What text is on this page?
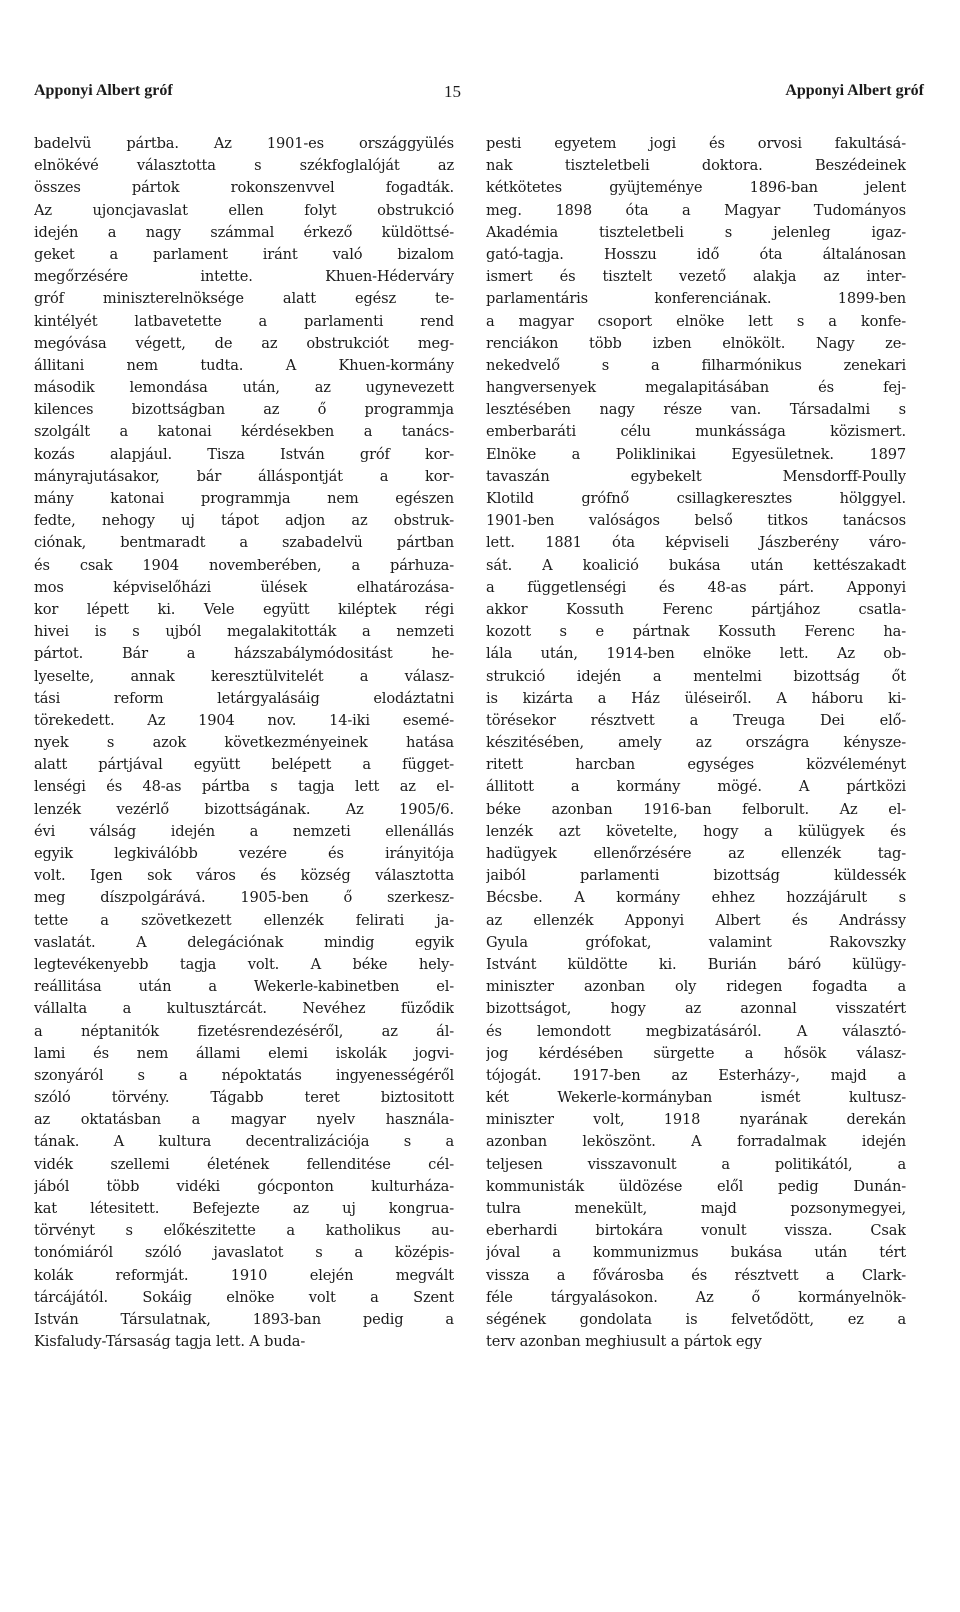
Apponyi Albert gróf	15	Apponyi Albert gróf
badelvü pártba. Az 1901-es országgyülés
elnökévé választotta s székfoglalóját az
összes pártok rokonszenvvel fogadták.
Az ujoncjavaslat ellen folyt obstrukció
idején a nagy számmal érkező küldöttsé-
geket a parlament iránt való bizalom
megőrzésére intette. Khuen-Héderváry
gróf miniszterelnöksége alatt egész te-
kintélyét latbavetette a parlamenti rend
megóvása végett, de az obstrukciót meg-
állitani nem tudta. A Khuen-kormány
második lemondása után, az ugynevezett
kilences bizottságban az ő programmja
szolgált a katonai kérdésekben a tanács-
kozás alapjául. Tisza István gróf kor-
mányrajutásakor, bár álláspontját a kor-
mány katonai programmja nem egészen
fedte, nehogy uj tápot adjon az obstruk-
ciónak, bentmaradt a szabadelvü pártban
és csak 1904 novemberében, a párhuza-
mos képviselőházi ülések elhatározása-
kor lépett ki. Vele együtt kiléptek régi
hivei is s ujból megalakitották a nemzeti
pártot. Bár a házszabálymódositást he-
lyeselte, annak keresztülvitelét a válasz-
tási reform letárgyalásáig elodáztatni
törekedett. Az 1904 nov. 14-iki esemé-
nyek s azok következményeinek hatása
alatt pártjával együtt belépett a függet-
lenségi és 48-as pártba s tagja lett az el-
lenzék vezérlő bizottságának. Az 1905/6.
évi válság idején a nemzeti ellenállás
egyik legkiválóbb vezére és irányitója
volt. Igen sok város és község választotta
meg díszpolgárává. 1905-ben ő szerkesz-
tette a szövetkezett ellenzék felirati ja-
vaslatát. A delegációnak mindig egyik
legtevékenyebb tagja volt. A béke hely-
reállitása után a Wekerle-kabinetben el-
vállalta a kultusztárcát. Nevéhez füződik
a néptanitók fizetésrendezéséről, az ál-
lami és nem állami elemi iskolák jogvi-
szonyáról s a népoktatás ingyenességéről
szóló törvény. Tágabb teret biztositott
az oktatásban a magyar nyelv használa-
tának. A kultura decentralizációja s a
vidék szellemi életének fellenditése cél-
jából több vidéki gócponton kulturháza-
kat létesitett. Befejezte az uj kongrua-
törvényt s előkészitette a katholikus au-
tonómiáról szóló javaslatot s a középis-
kolák reformját. 1910 elején megvált
tárcájától. Sokáig elnöke volt a Szent
István Társulatnak, 1893-ban pedig a
Kisfaludy-Társaság tagja lett. A buda-
pesti egyetem jogi és orvosi fakultásá-
nak tiszteletbeli doktora. Beszédeinek
kétkötetes gyüjteménye 1896-ban jelent
meg. 1898 óta a Magyar Tudományos
Akadémia tiszteletbeli s jelenleg igaz-
gató-tagja. Hosszu idő óta általánosan
ismert és tisztelt vezető alakja az inter-
parlamentáris konferenciának. 1899-ben
a magyar csoport elnöke lett s a konfe-
renciákon több izben elnökölt. Nagy ze-
nekedvelő s a filharmónikus zenekari
hangversenyek megalapitásában és fej-
lesztésében nagy része van. Társadalmi s
emberbaráti célu munkássága közismert.
Elnöke a Poliklinikai Egyesületnek. 1897
tavaszán egybekelt Mensdorff-Poully
Klotild grófnő csillagkeresztes hölggyel.
1901-ben valóságos belső titkos tanácsos
lett. 1881 óta képviseli Jászberény váro-
sát. A koalició bukása után kettészakadt
a függetlenségi és 48-as párt. Apponyi
akkor Kossuth Ferenc pártjához csatla-
kozott s e pártnak Kossuth Ferenc ha-
lála után, 1914-ben elnöke lett. Az ob-
strukció idején a mentelmi bizottság őt
is kizárta a Ház üléseiről. A háboru ki-
törésekor résztvett a Treuga Dei elő-
készitésében, amely az országra kénysze-
ritett harcban egységes közvéleményt
állitott a kormány mögé. A pártközi
béke azonban 1916-ban felborult. Az el-
lenzék azt követelte, hogy a külügyek és
hadügyek ellenőrzésére az ellenzék tag-
jaiból parlamenti bizottság küldessék
Bécsbe. A kormány ehhez hozzájárult s
az ellenzék Apponyi Albert és Andrássy
Gyula grófokat, valamint Rakovszky
Istvánt küldötte ki. Burián báró külügy-
miniszter azonban oly ridegen fogadta a
bizottságot, hogy az azonnal visszatért
és lemondott megbizatásáról. A választó-
jog kérdésében sürgette a hősök válasz-
tójogát. 1917-ben az Esterházy-, majd a
két Wekerle-kormányban ismét kultusz-
miniszter volt, 1918 nyarának derekán
azonban leköszönt. A forradalmak idején
teljesen visszavonult a politikától, a
kommunisták üldözése elől pedig Dunán-
tulra menekült, majd pozsonymegyei,
eberhardi birtokára vonult vissza. Csak
jóval a kommunizmus bukása után tért
vissza a fővárosba és résztvett a Clark-
féle tárgyalásokon. Az ő kormányelnök-
ségének gondolata is felvetődött, ez a
terv azonban meghiusult a pártok egy
